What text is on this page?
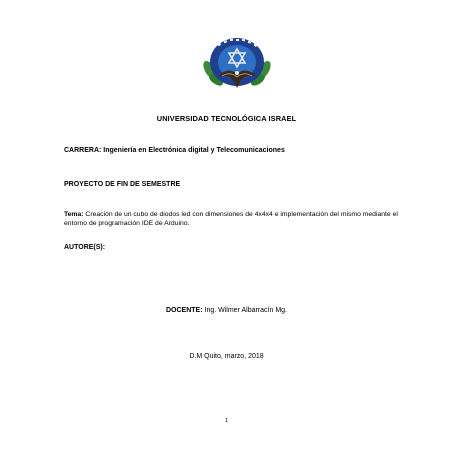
UNIVERSIDAD TECNOLÓGICA ISRAEL
CARRERA: Ingeniería en Electrónica digital y Telecomunicaciones
PROYECTO DE FIN DE SEMESTRE
Tema: Creación de un cubo de diodos led con dimensiones de 4x4x4 e implementación del mismo mediante el entorno de programación IDE de Arduino.
AUTORE(S):
DOCENTE: Ing. Wilmer Albarracín Mg.
D.M Quito, marzo, 2018
1
